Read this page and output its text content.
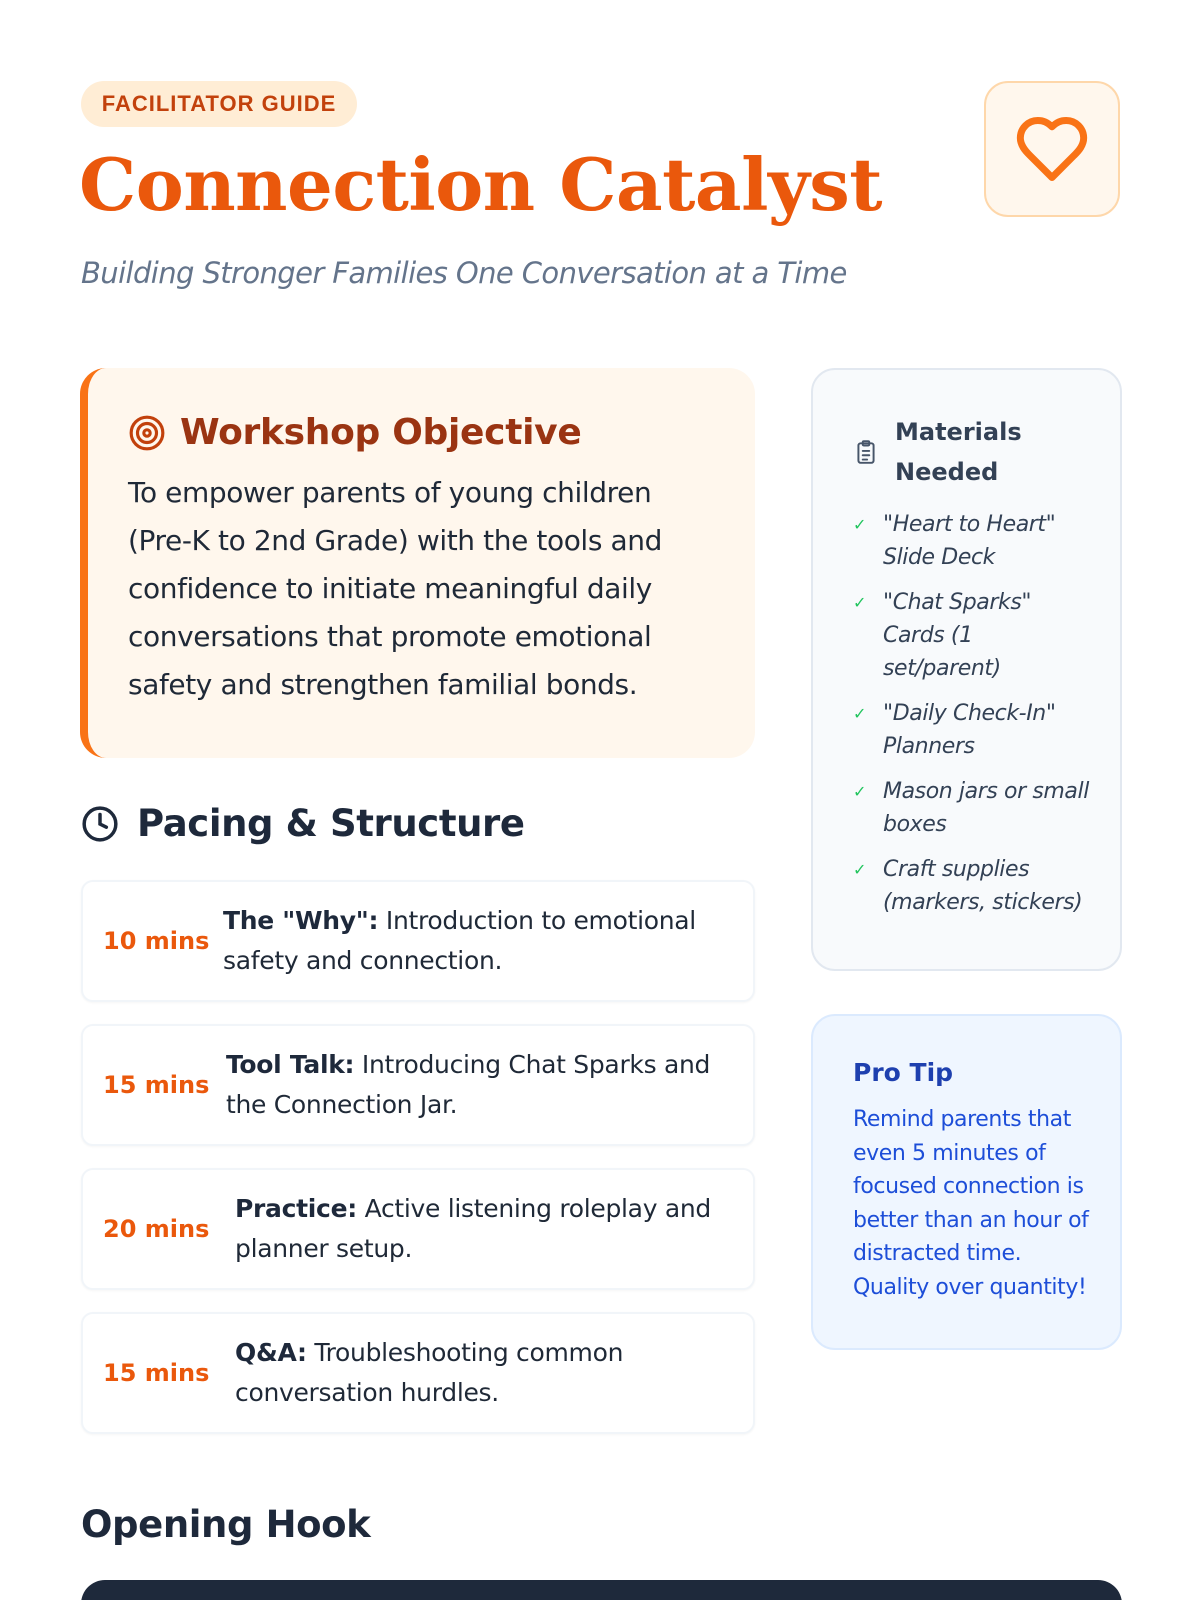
FACILITATOR GUIDE
Connection Catalyst
Building Stronger Families One Conversation at a Time
Workshop Objective

To empower parents of young children (Pre-K to 2nd Grade) with the tools and confidence to initiate meaningful daily conversations that promote emotional safety and strengthen familial bonds.

Pacing & Structure
10 mins
The "Why": Introduction to emotional safety and connection.
15 mins
Tool Talk: Introducing Chat Sparks and the Connection Jar.
20 mins
Practice: Active listening roleplay and planner setup.
15 mins
Q&A: Troubleshooting common conversation hurdles.
Materials Needed
✓ "Heart to Heart" Slide Deck
✓ "Chat Sparks" Cards (1 set/parent)
✓ "Daily Check-In" Planners
✓ Mason jars or small boxes
✓ Craft supplies (markers, stickers)
Pro Tip

Remind parents that even 5 minutes of focused connection is better than an hour of distracted time. Quality over quantity!

Opening Hook
